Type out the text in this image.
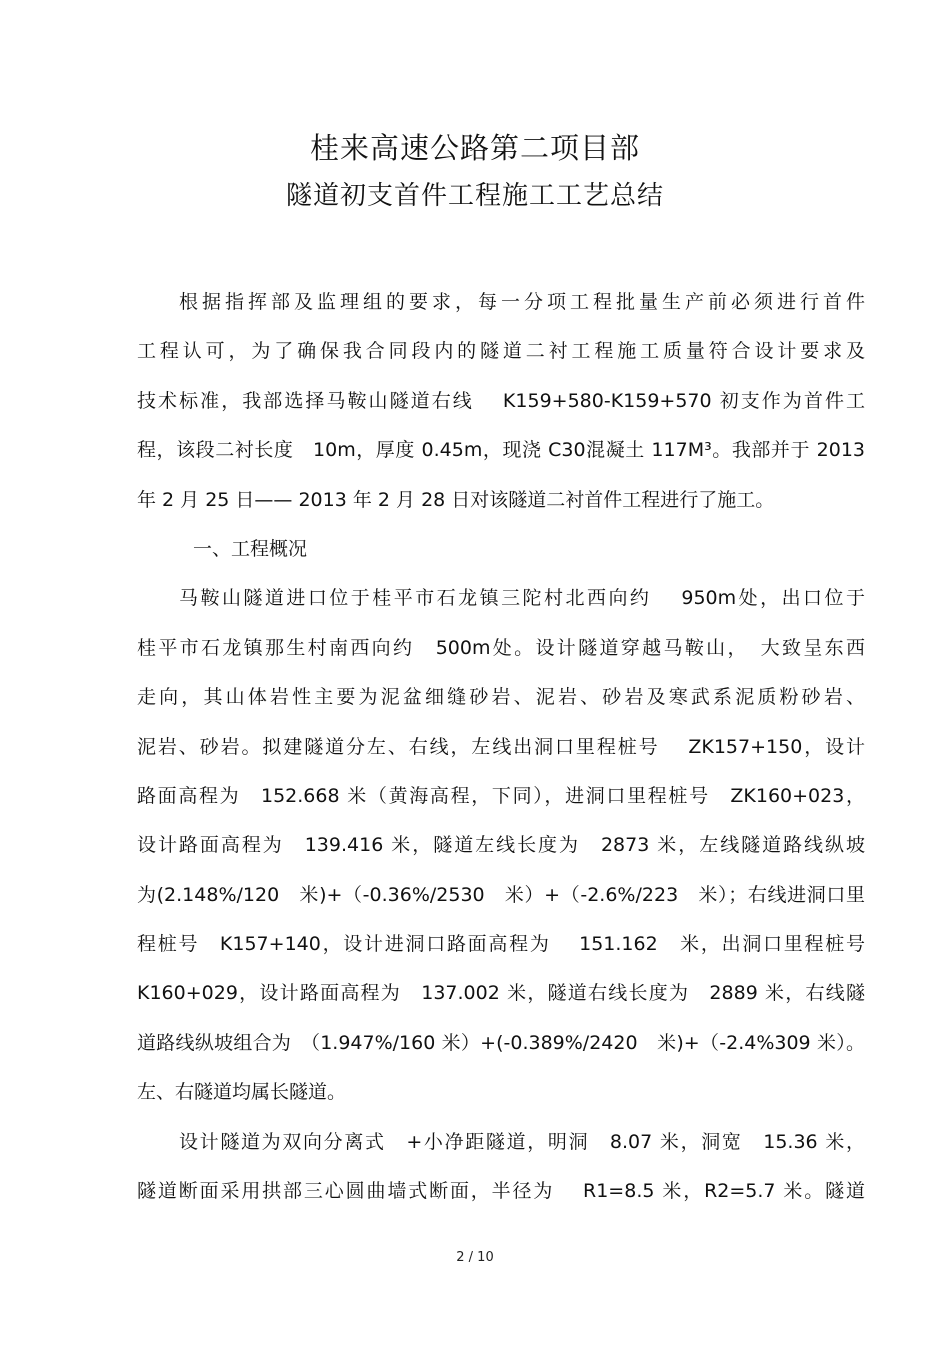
桂来高速公路第二项目部
隧道初支首件工程施工工艺总结
根据指挥部及监理组的要求，每一分项工程批量生产前必须进行首件
工程认可，为了确保我合同段内的隧道二衬工程施工质量符合设计要求及
技术标准，我部选择马鞍山隧道右线　 K159+580-K159+570 初支作为首件工
程，该段二衬长度　10m，厚度 0.45m，现浇 C30混凝土 117M³。我部并于 2013
年 2 月 25 日—— 2013 年 2 月 28 日对该隧道二衬首件工程进行了施工。
一、工程概况
马鞍山隧道进口位于桂平市石龙镇三陀村北西向约　 950m处，出口位于
桂平市石龙镇那生村南西向约　500m处。设计隧道穿越马鞍山，　大致呈东西
走向，其山体岩性主要为泥盆细缝砂岩、泥岩、砂岩及寒武系泥质粉砂岩、
泥岩、砂岩。拟建隧道分左、右线，左线出洞口里程桩号　 ZK157+150，设计
路面高程为　152.668 米（黄海高程，下同），进洞口里程桩号　ZK160+023，
设计路面高程为　139.416 米，隧道左线长度为　2873 米，左线隧道路线纵坡
为(2.148%/120　米)+（-0.36%/2530　米）+（-2.6%/223　米）；右线进洞口里
程桩号　K157+140，设计进洞口路面高程为　 151.162　米，出洞口里程桩号
K160+029，设计路面高程为　137.002 米，隧道右线长度为　2889 米，右线隧
道路线纵坡组合为　（1.947%/160 米）+(-0.389%/2420　米)+（-2.4%309 米）。
左、右隧道均属长隧道。
设计隧道为双向分离式　+小净距隧道，明洞　8.07 米，洞宽　15.36 米，
隧道断面采用拱部三心圆曲墙式断面，半径为　 R1=8.5 米，R2=5.7 米。隧道
2 / 10
